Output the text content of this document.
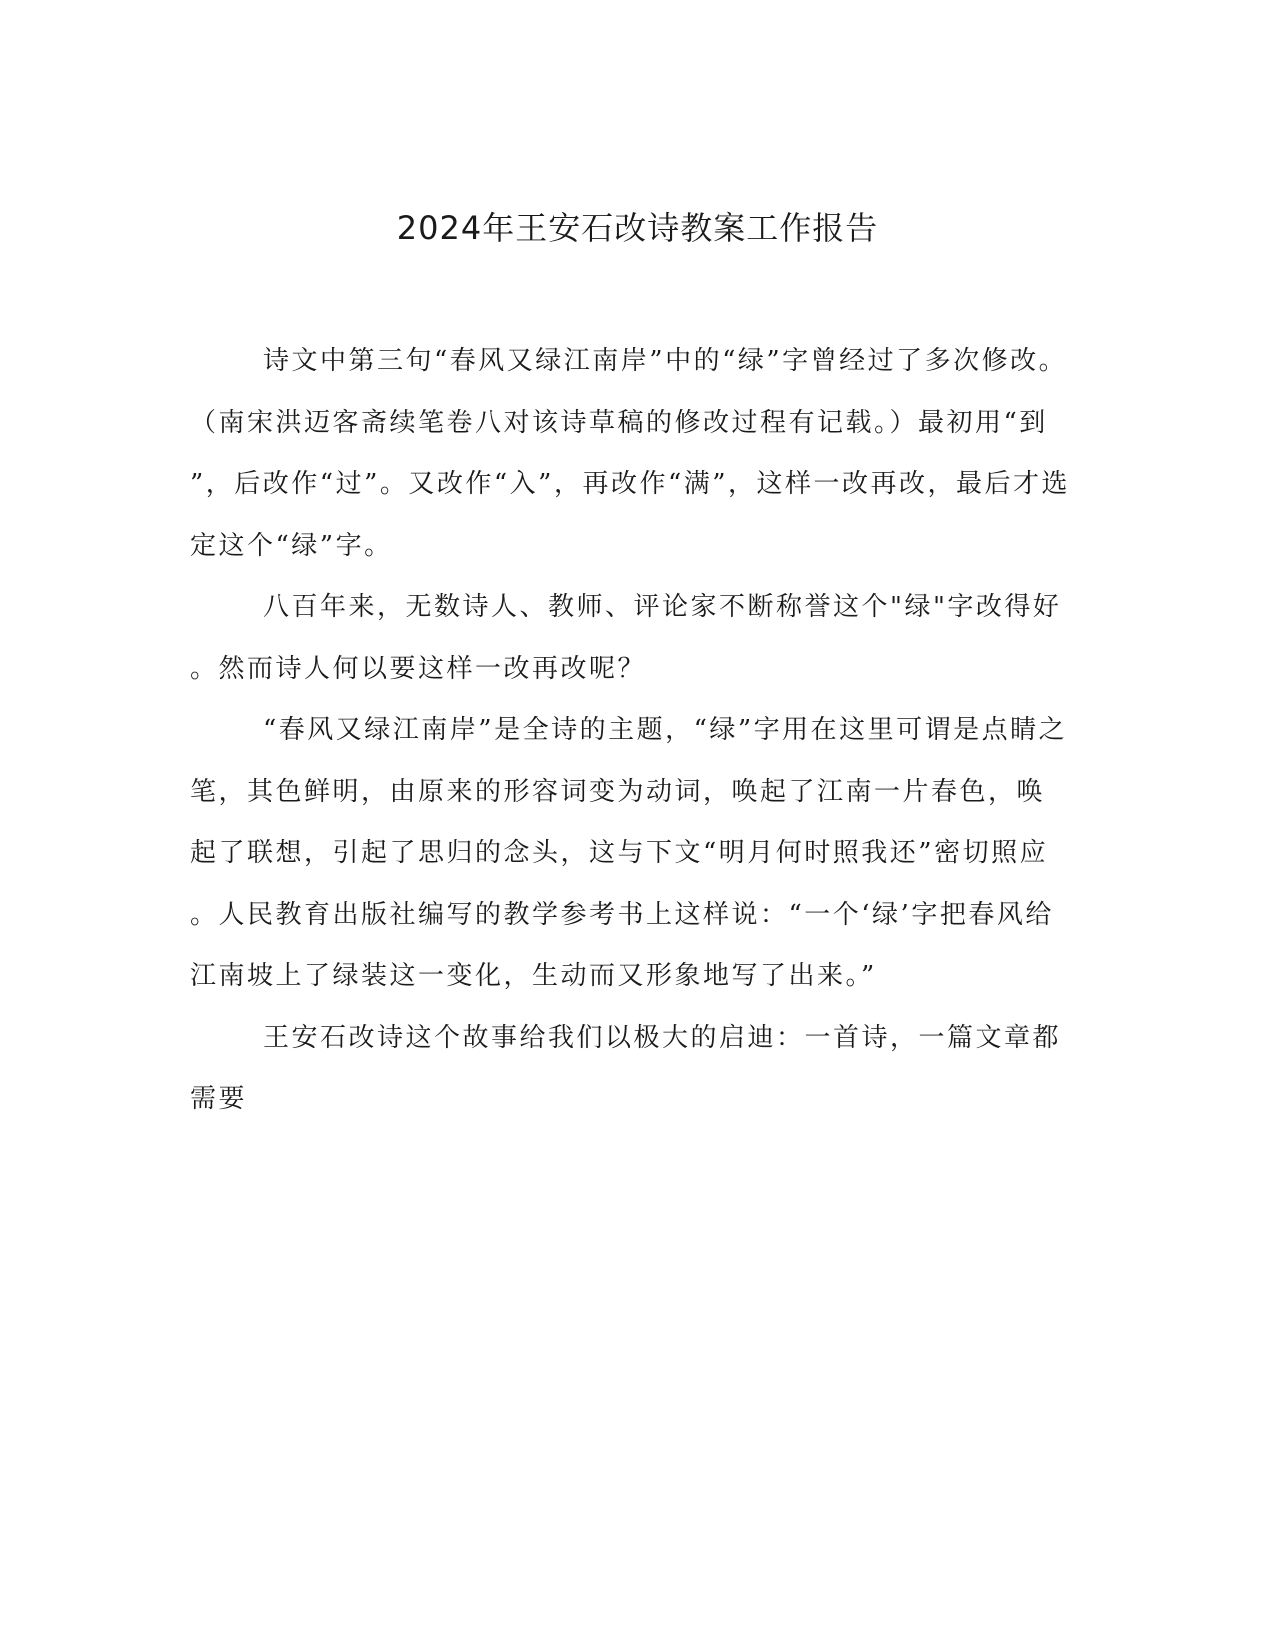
2024年王安石改诗教案工作报告

诗文中第三句“春风又绿江南岸”中的“绿”字曾经过了多次修改。
（南宋洪迈客斋续笔卷八对该诗草稿的修改过程有记载。）最初用“到
”，后改作“过”。又改作“入”，再改作“满”，这样一改再改，最后才选
定这个“绿”字。

八百年来，无数诗人、教师、评论家不断称誉这个"绿"字改得好
。然而诗人何以要这样一改再改呢？

“春风又绿江南岸”是全诗的主题，“绿”字用在这里可谓是点睛之
笔，其色鲜明，由原来的形容词变为动词，唤起了江南一片春色，唤
起了联想，引起了思归的念头，这与下文“明月何时照我还”密切照应
。人民教育出版社编写的教学参考书上这样说：“一个‘绿’字把春风给
江南坡上了绿装这一变化，生动而又形象地写了出来。”

王安石改诗这个故事给我们以极大的启迪：一首诗，一篇文章都
需要
